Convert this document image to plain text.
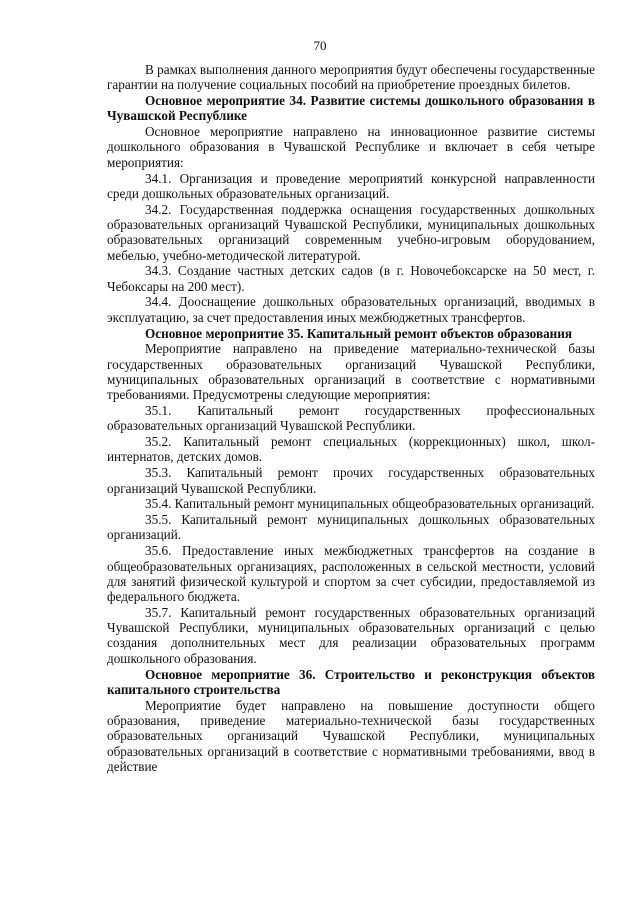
70

В рамках выполнения данного мероприятия будут обеспечены государственные гарантии на получение социальных пособий на приобретение проездных билетов.

Основное мероприятие 34. Развитие системы дошкольного образования в Чувашской Республике

Основное мероприятие направлено на инновационное развитие системы дошкольного образования в Чувашской Республике и включает в себя четыре мероприятия:

34.1. Организация и проведение мероприятий конкурсной направленности среди дошкольных образовательных организаций.

34.2. Государственная поддержка оснащения государственных дошкольных образовательных организаций Чувашской Республики, муниципальных дошкольных образовательных организаций современным учебно-игровым оборудованием, мебелью, учебно-методической литературой.

34.3. Создание частных детских садов (в г. Новочебоксарске на 50 мест, г. Чебоксары на 200 мест).

34.4. Дооснащение дошкольных образовательных организаций, вводимых в эксплуатацию, за счет предоставления иных межбюджетных трансфертов.

Основное мероприятие 35. Капитальный ремонт объектов образования

Мероприятие направлено на приведение материально-технической базы государственных образовательных организаций Чувашской Республики, муниципальных образовательных организаций в соответствие с нормативными требованиями. Предусмотрены следующие мероприятия:

35.1. Капитальный ремонт государственных профессиональных образовательных организаций Чувашской Республики.

35.2. Капитальный ремонт специальных (коррекционных) школ, школ-интернатов, детских домов.

35.3. Капитальный ремонт прочих государственных образовательных организаций Чувашской Республики.

35.4. Капитальный ремонт муниципальных общеобразовательных организаций.

35.5. Капитальный ремонт муниципальных дошкольных образовательных организаций.

35.6. Предоставление иных межбюджетных трансфертов на создание в общеобразовательных организациях, расположенных в сельской местности, условий для занятий физической культурой и спортом за счет субсидии, предоставляемой из федерального бюджета.

35.7. Капитальный ремонт государственных образовательных организаций Чувашской Республики, муниципальных образовательных организаций с целью создания дополнительных мест для реализации образовательных программ дошкольного образования.

Основное мероприятие 36. Строительство и реконструкция объектов капитального строительства

Мероприятие будет направлено на повышение доступности общего образования, приведение материально-технической базы государственных образовательных организаций Чувашской Республики, муниципальных образовательных организаций в соответствие с нормативными требованиями, ввод в действие
